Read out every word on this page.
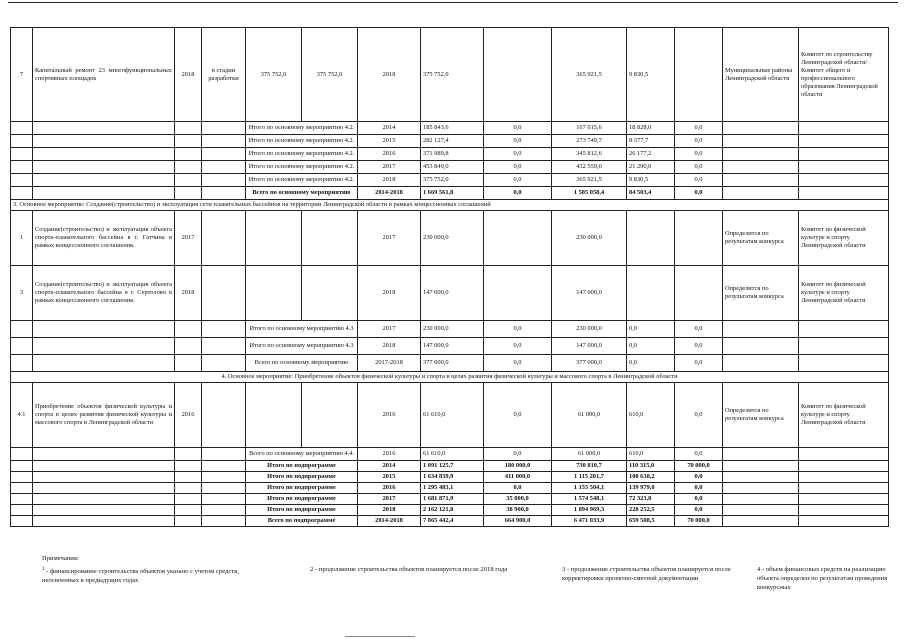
7	Капитальный ремонт 23 многофункциональных спортивных площадок	2018	в стадии разработки	375 752,0	375 752,0	2018	375 752,0		365 921,5	9 830,5		Муниципальные районы Ленинградской области	Комитет по строительству Ленинградской области/Комитет общего и профессионального образования Ленинградской области
				Итого по основному мероприятию 4.2.		2014	185 843,6	0,0	167 015,6	18 828,0	0,0		
				Итого по основному мероприятию 4.2.		2015	282 127,4	0,0	273 749,7	8 377,7	0,0		
				Итого по основному мероприятию 4.2.		2016	371 989,8	0,0	345 812,6	26 177,2	0,0		
				Итого по основному мероприятию 4.2.		2017	453 849,0	0,0	432 559,0	21 290,0	0,0		
				Итого по основному мероприятию 4.2.		2018	375 752,0	0,0	365 921,5	9 830,5	0,0		
				Всего по основному мероприятию		2014-2018	1 669 561,8	0,0	1 585 058,4	84 503,4	0,0		
3. Основное мероприятие: Создание(строительство) и эксплуатация сети плавательных бассейнов на территории Ленинградской области в рамках концессионных соглашений													
1	Создание(строительство) и эксплуатация объекта спорта-плавательного бассейна в г. Гатчина в рамках концессионного соглашения.	2017				2017	230 000,0		230 000,0			Определится по результатам конкурса	Комитет по физической культуре и спорту Ленинградской области
3	Создание(строительство) и эксплуатация объекта спорта-плавательного бассейна в г. Сертолово в рамках концессионного соглашения.	2018				2018	147 000,0		147 000,0			Определится по результатам конкурса	Комитет по физической культуре и спорту Ленинградской области
				Итого по основному мероприятию 4.3		2017	230 000,0	0,0	230 000,0	0,0	0,0		
				Итого по основному мероприятию 4.3		2018	147 000,0	0,0	147 000,0	0,0	0,0		
				Всего по основному мероприятию		2017-2018	377 000,0	0,0	377 000,0	0,0	0,0		
4. Основное мероприятие: Приобретение объектов физической культуры и спорта в целях развития физической культуры и массового спорта в Ленинградской области													
4.1	Приобретение объектов физической культуры и спорта в целях развития физической культуры и массового спорта в Ленинградской области	2016				2016	61 610,0	0,0	61 000,0	610,0	0,0	Определится по результатам конкурса	Комитет по физической культуре и спорту Ленинградской области
				Всего по основному мероприятию 4.4.		2016	61 610,0	0,0	61 000,0	610,0	0,0		
				Итого по подпрограмме		2014	1 091 125,7	180 000,0	730 810,7	110 315,0	70 000,0		
				Итого по подпрограмме		2015	1 634 839,9	411 000,0	1 115 201,7	108 638,2	0,0		
				Итого по подпрограмме		2016	1 295 483,1	0,0	1 155 504,1	139 979,0	0,0		
				Итого по подпрограмме		2017	1 681 871,9	35 000,0	1 574 548,1	72 323,8	0,0		
				Итого по подпрограмме		2018	2 162 121,8	38 900,0	1 894 969,3	228 252,5	0,0		
				Всего по подпрограмме		2014-2018	7 865 442,4	664 900,0	6 471 033,9	659 508,5	70 000,0		
Примечания:
$^1$ - финансирование строительства объектов указано с учетом средств, неосвоенных в предыдущих годах
2 - продолжение строительства объектов планируется после 2018 года	3 - продолжение строительства объектов планируется после корректировки проектно-сметной документации
4 - объем финансовых средств на реализацию объекта определен по результатам проведения конкурсных
